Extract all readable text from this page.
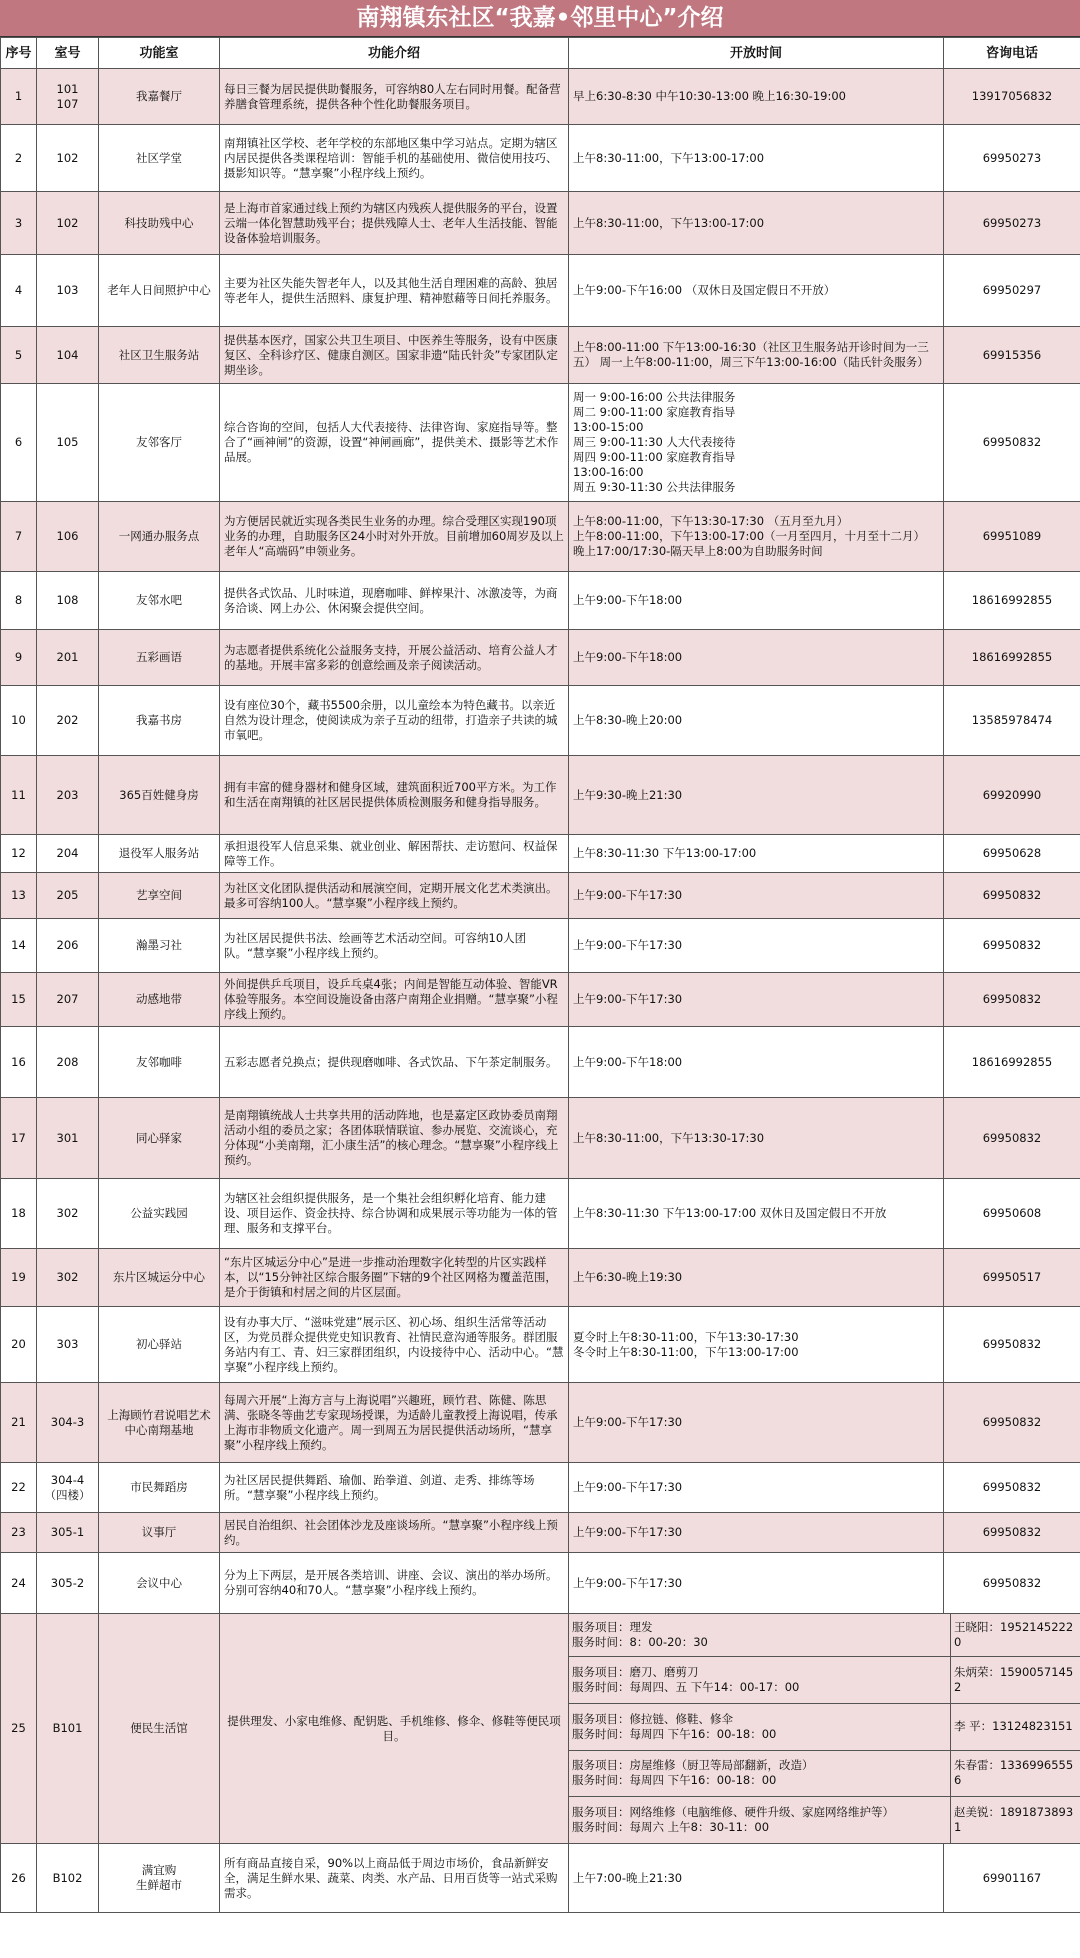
南翔镇东社区“我嘉•邻里中心”介绍
序号	室号	功能室	功能介绍	开放时间	咨询电话
1	101
107	我嘉餐厅	每日三餐为居民提供助餐服务，可容纳80人左右同时用餐。配备营养膳食管理系统，提供各种个性化助餐服务项目。	早上6:30-8:30 中午10:30-13:00 晚上16:30-19:00	13917056832
2	102	社区学堂	南翔镇社区学校、老年学校的东部地区集中学习站点。定期为辖区内居民提供各类课程培训：智能手机的基础使用、微信使用技巧、摄影知识等。“慧享聚”小程序线上预约。	上午8:30-11:00，下午13:00-17:00	69950273
3	102	科技助残中心	是上海市首家通过线上预约为辖区内残疾人提供服务的平台，设置云端一体化智慧助残平台；提供残障人士、老年人生活技能、智能设备体验培训服务。	上午8:30-11:00，下午13:00-17:00	69950273
4	103	老年人日间照护中心	主要为社区失能失智老年人，以及其他生活自理困难的高龄、独居等老年人，提供生活照料、康复护理、精神慰藉等日间托养服务。	上午9:00-下午16:00 （双休日及国定假日不开放）	69950297
5	104	社区卫生服务站	提供基本医疗，国家公共卫生项目、中医养生等服务，设有中医康复区、全科诊疗区、健康自测区。国家非遗“陆氏针灸”专家团队定期坐诊。	上午8:00-11:00 下午13:00-16:30（社区卫生服务站开诊时间为一三五） 周一上午8:00-11:00，周三下午13:00-16:00（陆氏针灸服务）	69915356
6	105	友邻客厅	综合咨询的空间，包括人大代表接待、法律咨询、家庭指导等。整合了“画神闸”的资源，设置“神闸画廊”，提供美术、摄影等艺术作品展。	周一 9:00-16:00 公共法律服务
周二 9:00-11:00 家庭教育指导
13:00-15:00
周三 9:00-11:30 人大代表接待
周四 9:00-11:00 家庭教育指导
13:00-16:00
周五 9:30-11:30 公共法律服务	69950832
7	106	一网通办服务点	为方便居民就近实现各类民生业务的办理。综合受理区实现190项业务的办理，自助服务区24小时对外开放。目前增加60周岁及以上老年人“高端码”申领业务。	上午8:00-11:00，下午13:30-17:30 （五月至九月）
上午8:00-11:00，下午13:00-17:00（一月至四月，十月至十二月）
晚上17:00/17:30-隔天早上8:00为自助服务时间	69951089
8	108	友邻水吧	提供各式饮品、儿时味道，现磨咖啡、鲜榨果汁、冰激凌等，为商务洽谈、网上办公、休闲聚会提供空间。	上午9:00-下午18:00	18616992855
9	201	五彩画语	为志愿者提供系统化公益服务支持，开展公益活动、培育公益人才的基地。开展丰富多彩的创意绘画及亲子阅读活动。	上午9:00-下午18:00	18616992855
10	202	我嘉书房	设有座位30个，藏书5500余册，以儿童绘本为特色藏书。以亲近自然为设计理念，使阅读成为亲子互动的纽带，打造亲子共读的城市氧吧。	上午8:30-晚上20:00	13585978474
11	203	365百姓健身房	拥有丰富的健身器材和健身区域，建筑面积近700平方米。为工作和生活在南翔镇的社区居民提供体质检测服务和健身指导服务。	上午9:30-晚上21:30	69920990
12	204	退役军人服务站	承担退役军人信息采集、就业创业、解困帮扶、走访慰问、权益保障等工作。	上午8:30-11:30 下午13:00-17:00	69950628
13	205	艺享空间	为社区文化团队提供活动和展演空间，定期开展文化艺术类演出。最多可容纳100人。“慧享聚”小程序线上预约。	上午9:00-下午17:30	69950832
14	206	瀚墨习社	为社区居民提供书法、绘画等艺术活动空间。可容纳10人团队。“慧享聚”小程序线上预约。	上午9:00-下午17:30	69950832
15	207	动感地带	外间提供乒乓项目，设乒乓桌4张；内间是智能互动体验、智能VR体验等服务。本空间设施设备由落户南翔企业捐赠。“慧享聚”小程序线上预约。	上午9:00-下午17:30	69950832
16	208	友邻咖啡	五彩志愿者兑换点；提供现磨咖啡、各式饮品、下午茶定制服务。	上午9:00-下午18:00	18616992855
17	301	同心驿家	是南翔镇统战人士共享共用的活动阵地，也是嘉定区政协委员南翔活动小组的委员之家；各团体联情联谊、参办展览、交流谈心，充分体现“小美南翔，汇小康生活”的核心理念。“慧享聚”小程序线上预约。	上午8:30-11:00，下午13:30-17:30	69950832
18	302	公益实践园	为辖区社会组织提供服务，是一个集社会组织孵化培育、能力建设、项目运作、资金扶持、综合协调和成果展示等功能为一体的管理、服务和支撑平台。	上午8:30-11:30 下午13:00-17:00 双休日及国定假日不开放	69950608
19	302	东片区城运分中心	“东片区城运分中心”是进一步推动治理数字化转型的片区实践样本，以“15分钟社区综合服务圈”下辖的9个社区网格为覆盖范围，是介于街镇和村居之间的片区层面。	上午6:30-晚上19:30	69950517
20	303	初心驿站	设有办事大厅、“滋味党建”展示区、初心场、组织生活常等活动区，为党员群众提供党史知识教育、社情民意沟通等服务。群团服务站内有工、青、妇三家群团组织，内设接待中心、活动中心。“慧享聚”小程序线上预约。	夏令时上午8:30-11:00，下午13:30-17:30
冬令时上午8:30-11:00，下午13:00-17:00	69950832
21	304-3	上海顾竹君说唱艺术中心南翔基地	每周六开展“上海方言与上海说唱”兴趣班，顾竹君、陈健、陈思满、张晓冬等曲艺专家现场授课，为适龄儿童教授上海说唱，传承上海市非物质文化遗产。周一到周五为居民提供活动场所，“慧享聚”小程序线上预约。	上午9:00-下午17:30	69950832
22	304-4
（四楼）	市民舞蹈房	为社区居民提供舞蹈、瑜伽、跆拳道、剑道、走秀、排练等场所。“慧享聚”小程序线上预约。	上午9:00-下午17:30	69950832
23	305-1	议事厅	居民自治组织、社会团体沙龙及座谈场所。“慧享聚”小程序线上预约。	上午9:00-下午17:30	69950832
24	305-2	会议中心	分为上下两层，是开展各类培训、讲座、会议、演出的举办场所。分别可容纳40和70人。“慧享聚”小程序线上预约。	上午9:00-下午17:30	69950832
25	B101	便民生活馆	提供理发、小家电维修、配钥匙、手机维修、修伞、修鞋等便民项目。	
服务项目：理发
服务时间：8：00-20：30	王晓阳：19521452220
服务项目：磨刀、磨剪刀
服务时间：每周四、五 下午14：00-17：00	朱炳荣：15900571452
服务项目：修拉链、修鞋、修伞
服务时间：每周四 下午16：00-18：00	李 平：13124823151
服务项目：房屋维修（厨卫等局部翻新，改造）
服务时间：每周四 下午16：00-18：00	朱春雷：13369965556
服务项目：网络维修（电脑维修、硬件升级、家庭网络维护等）
服务时间：每周六 上午8：30-11：00	赵美锐：18918738931

26	B102	满宜购
生鲜超市	所有商品直接自采，90%以上商品低于周边市场价，食品新鲜安全，满足生鲜水果、蔬菜、肉类、水产品、日用百货等一站式采购需求。	上午7:00-晚上21:30	69901167
